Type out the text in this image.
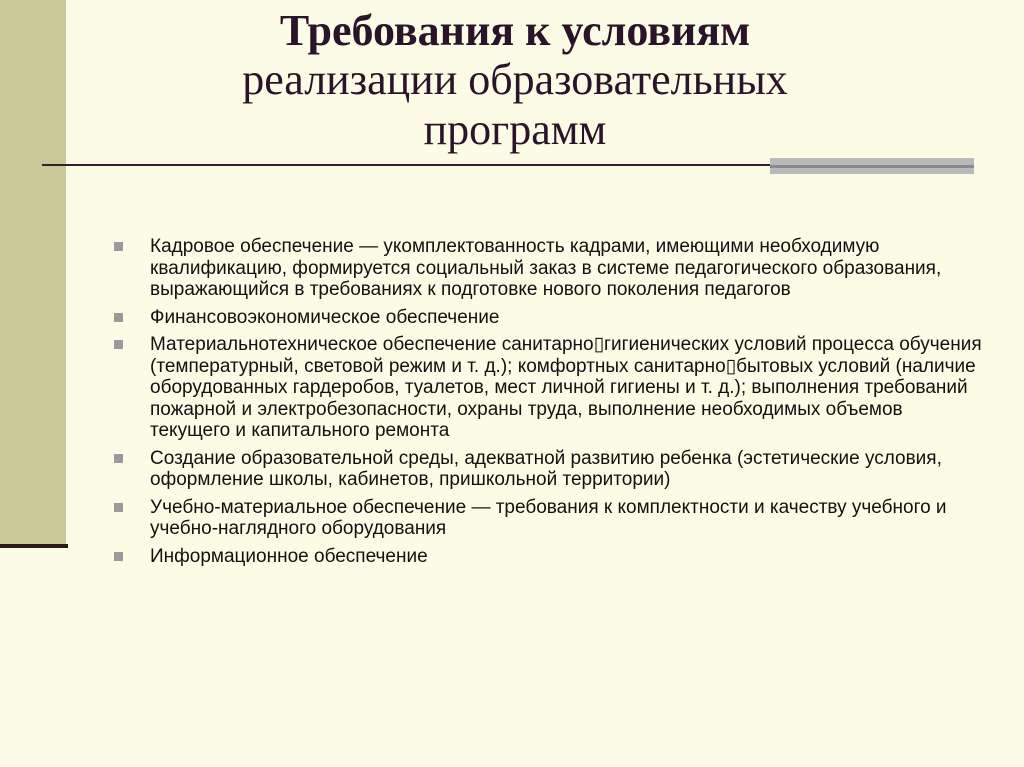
Требования к условиям
реализации образовательных
программ
Кадровое обеспечение — укомплектованность кадрами, имеющими необходимую квалификацию, формируется социальный заказ в системе педагогического образования, выражающийся в требованиях к подготовке нового поколения педагогов
Финансовоэкономическое обеспечение
Материальнотехническое обеспечение санитарно▯гигиенических условий процесса обучения (температурный, световой режим и т. д.); комфортных санитарно▯бытовых условий (наличие оборудованных гардеробов, туалетов, мест личной гигиены и т. д.); выполнения требований пожарной и электробезопасности, охраны труда, выполнение необходимых объемов текущего и капитального ремонта
Создание образовательной среды, адекватной развитию ребенка (эстетические условия, оформление школы, кабинетов, пришкольной территории)
Учебно-материальное обеспечение — требования к комплектности и качеству учебного и учебно-наглядного оборудования
Информационное обеспечение
